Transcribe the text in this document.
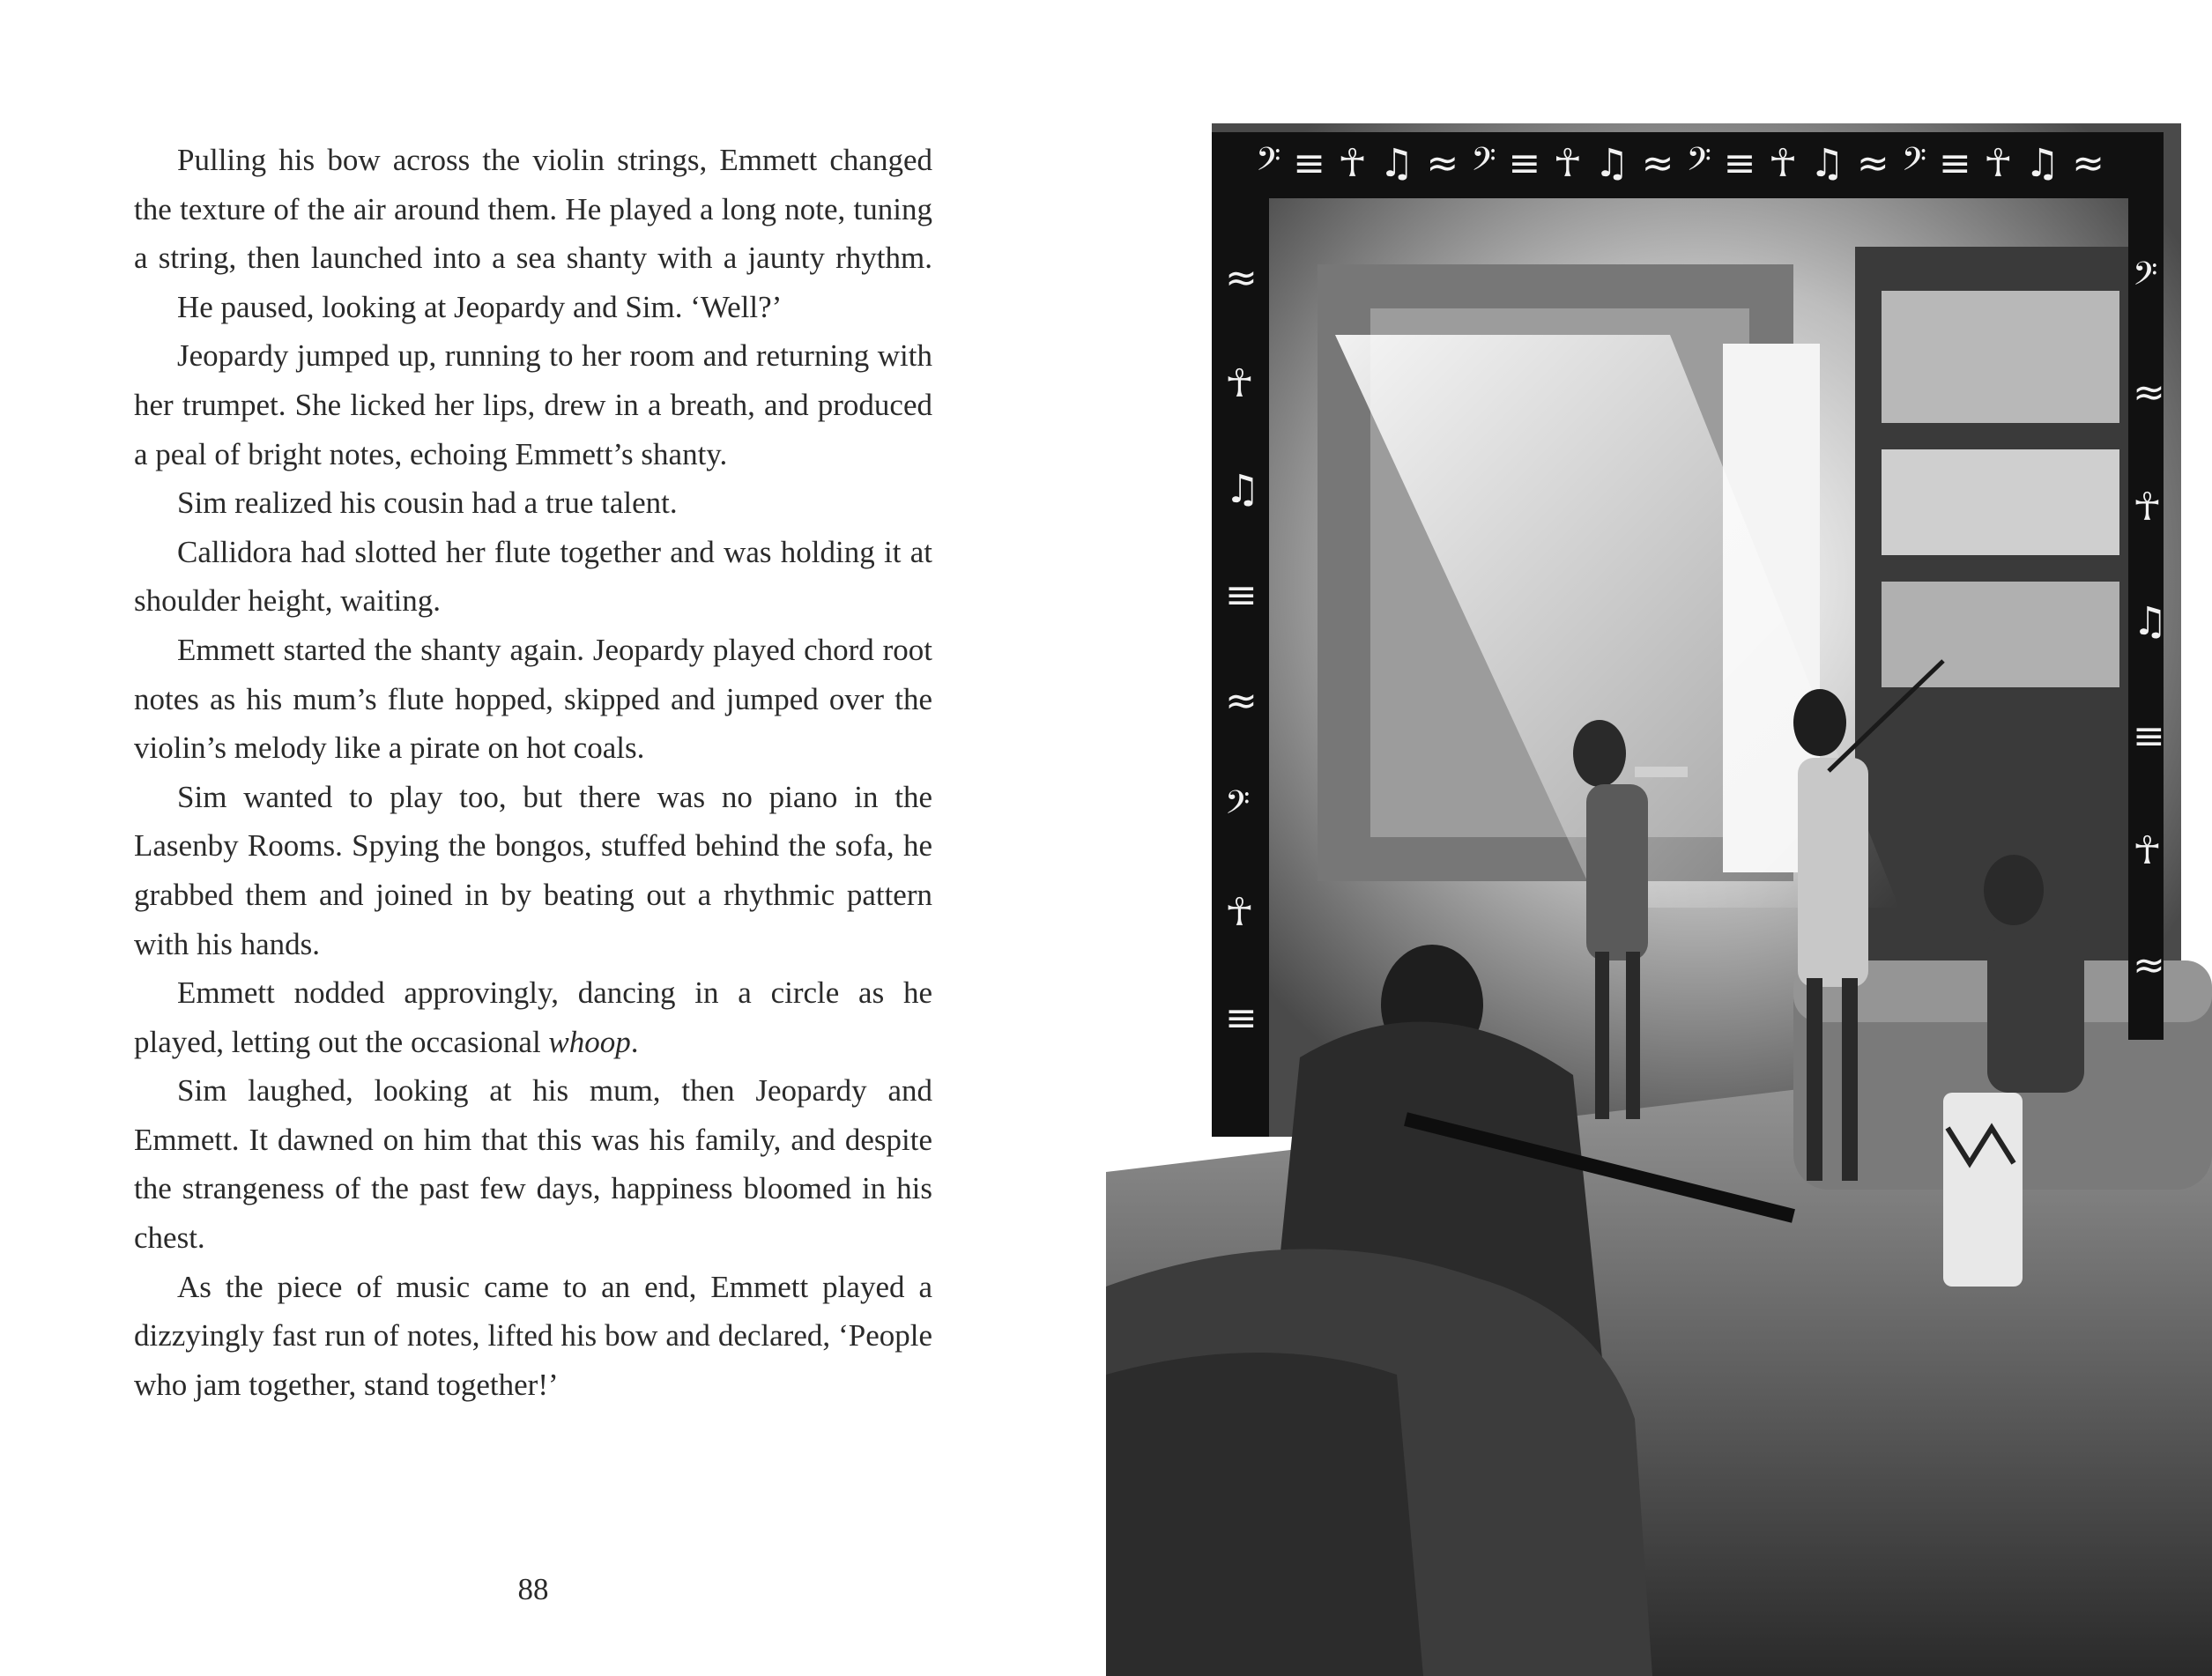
Pulling his bow across the violin strings, Emmett changed the texture of the air around them. He played a long note, tuning a string, then launched into a sea shanty with a jaunty rhythm.

He paused, looking at Jeopardy and Sim. ‘Well?’

Jeopardy jumped up, running to her room and returning with her trumpet. She licked her lips, drew in a breath, and produced a peal of bright notes, echoing Emmett’s shanty.

Sim realized his cousin had a true talent.

Callidora had slotted her flute together and was holding it at shoulder height, waiting.

Emmett started the shanty again. Jeopardy played chord root notes as his mum’s flute hopped, skipped and jumped over the violin’s melody like a pirate on hot coals.

Sim wanted to play too, but there was no piano in the Lasenby Rooms. Spying the bongos, stuffed behind the sofa, he grabbed them and joined in by beating out a rhythmic pattern with his hands.

Emmett nodded approvingly, dancing in a circle as he played, letting out the occasional whoop.

Sim laughed, looking at his mum, then Jeopardy and Emmett. It dawned on him that this was his family, and despite the strangeness of the past few days, happiness bloomed in his chest.

As the piece of music came to an end, Emmett played a dizzyingly fast run of notes, lifted his bow and declared, ‘People who jam together, stand together!’

88
𝄢 ≡ ☥ ♫ ≈ 𝄢 ≡ ☥ ♫ ≈ 𝄢 ≡ ☥ ♫ ≈ 𝄢 ≡ ☥ ♫ ≈
≈
☥
♫
≡
≈
𝄢
☥
≡
𝄢
≈
☥
♫
≡
☥
≈
